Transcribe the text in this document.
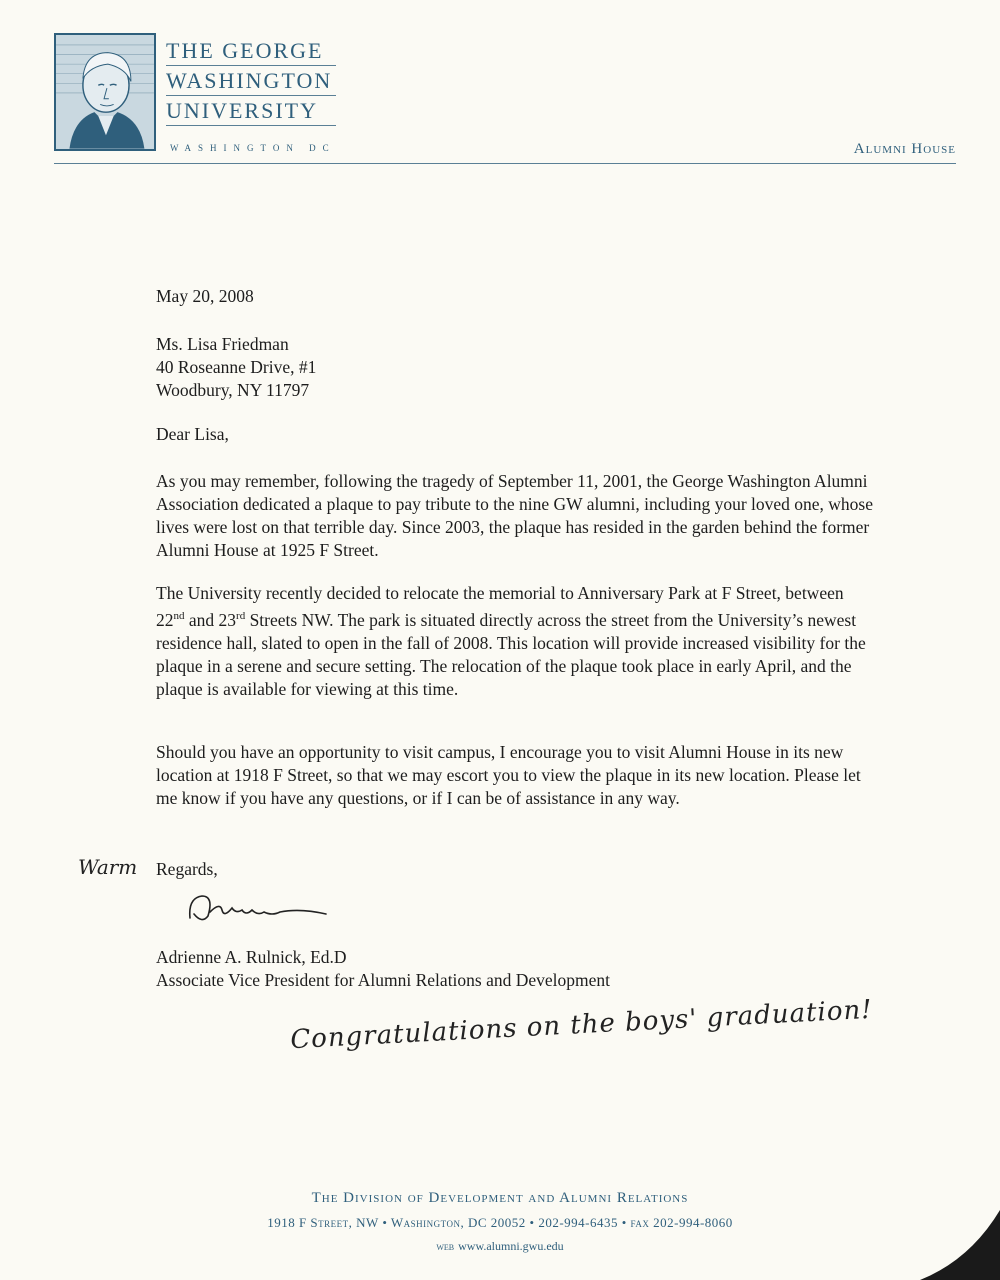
THE GEORGE
WASHINGTON
UNIVERSITY
WASHINGTON DC	Alumni House
May 20, 2008
Ms. Lisa Friedman
40 Roseanne Drive, #1
Woodbury, NY 11797
Dear Lisa,

As you may remember, following the tragedy of September 11, 2001, the George Washington Alumni Association dedicated a plaque to pay tribute to the nine GW alumni, including your loved one, whose lives were lost on that terrible day. Since 2003, the plaque has resided in the garden behind the former Alumni House at 1925 F Street.

The University recently decided to relocate the memorial to Anniversary Park at F Street, between 22nd and 23rd Streets NW. The park is situated directly across the street from the University’s newest residence hall, slated to open in the fall of 2008. This location will provide increased visibility for the plaque in a serene and secure setting. The relocation of the plaque took place in early April, and the plaque is available for viewing at this time.

Should you have an opportunity to visit campus, I encourage you to visit Alumni House in its new location at 1918 F Street, so that we may escort you to view the plaque in its new location. Please let me know if you have any questions, or if I can be of assistance in any way.

Warm Regards,
Adrienne A. Rulnick, Ed.D
Associate Vice President for Alumni Relations and Development
Congratulations on the boys' graduation!
The Division of Development and Alumni Relations
1918 F Street, NW • Washington, DC 20052 • 202-994-6435 • fax 202-994-8060
web www.alumni.gwu.edu
